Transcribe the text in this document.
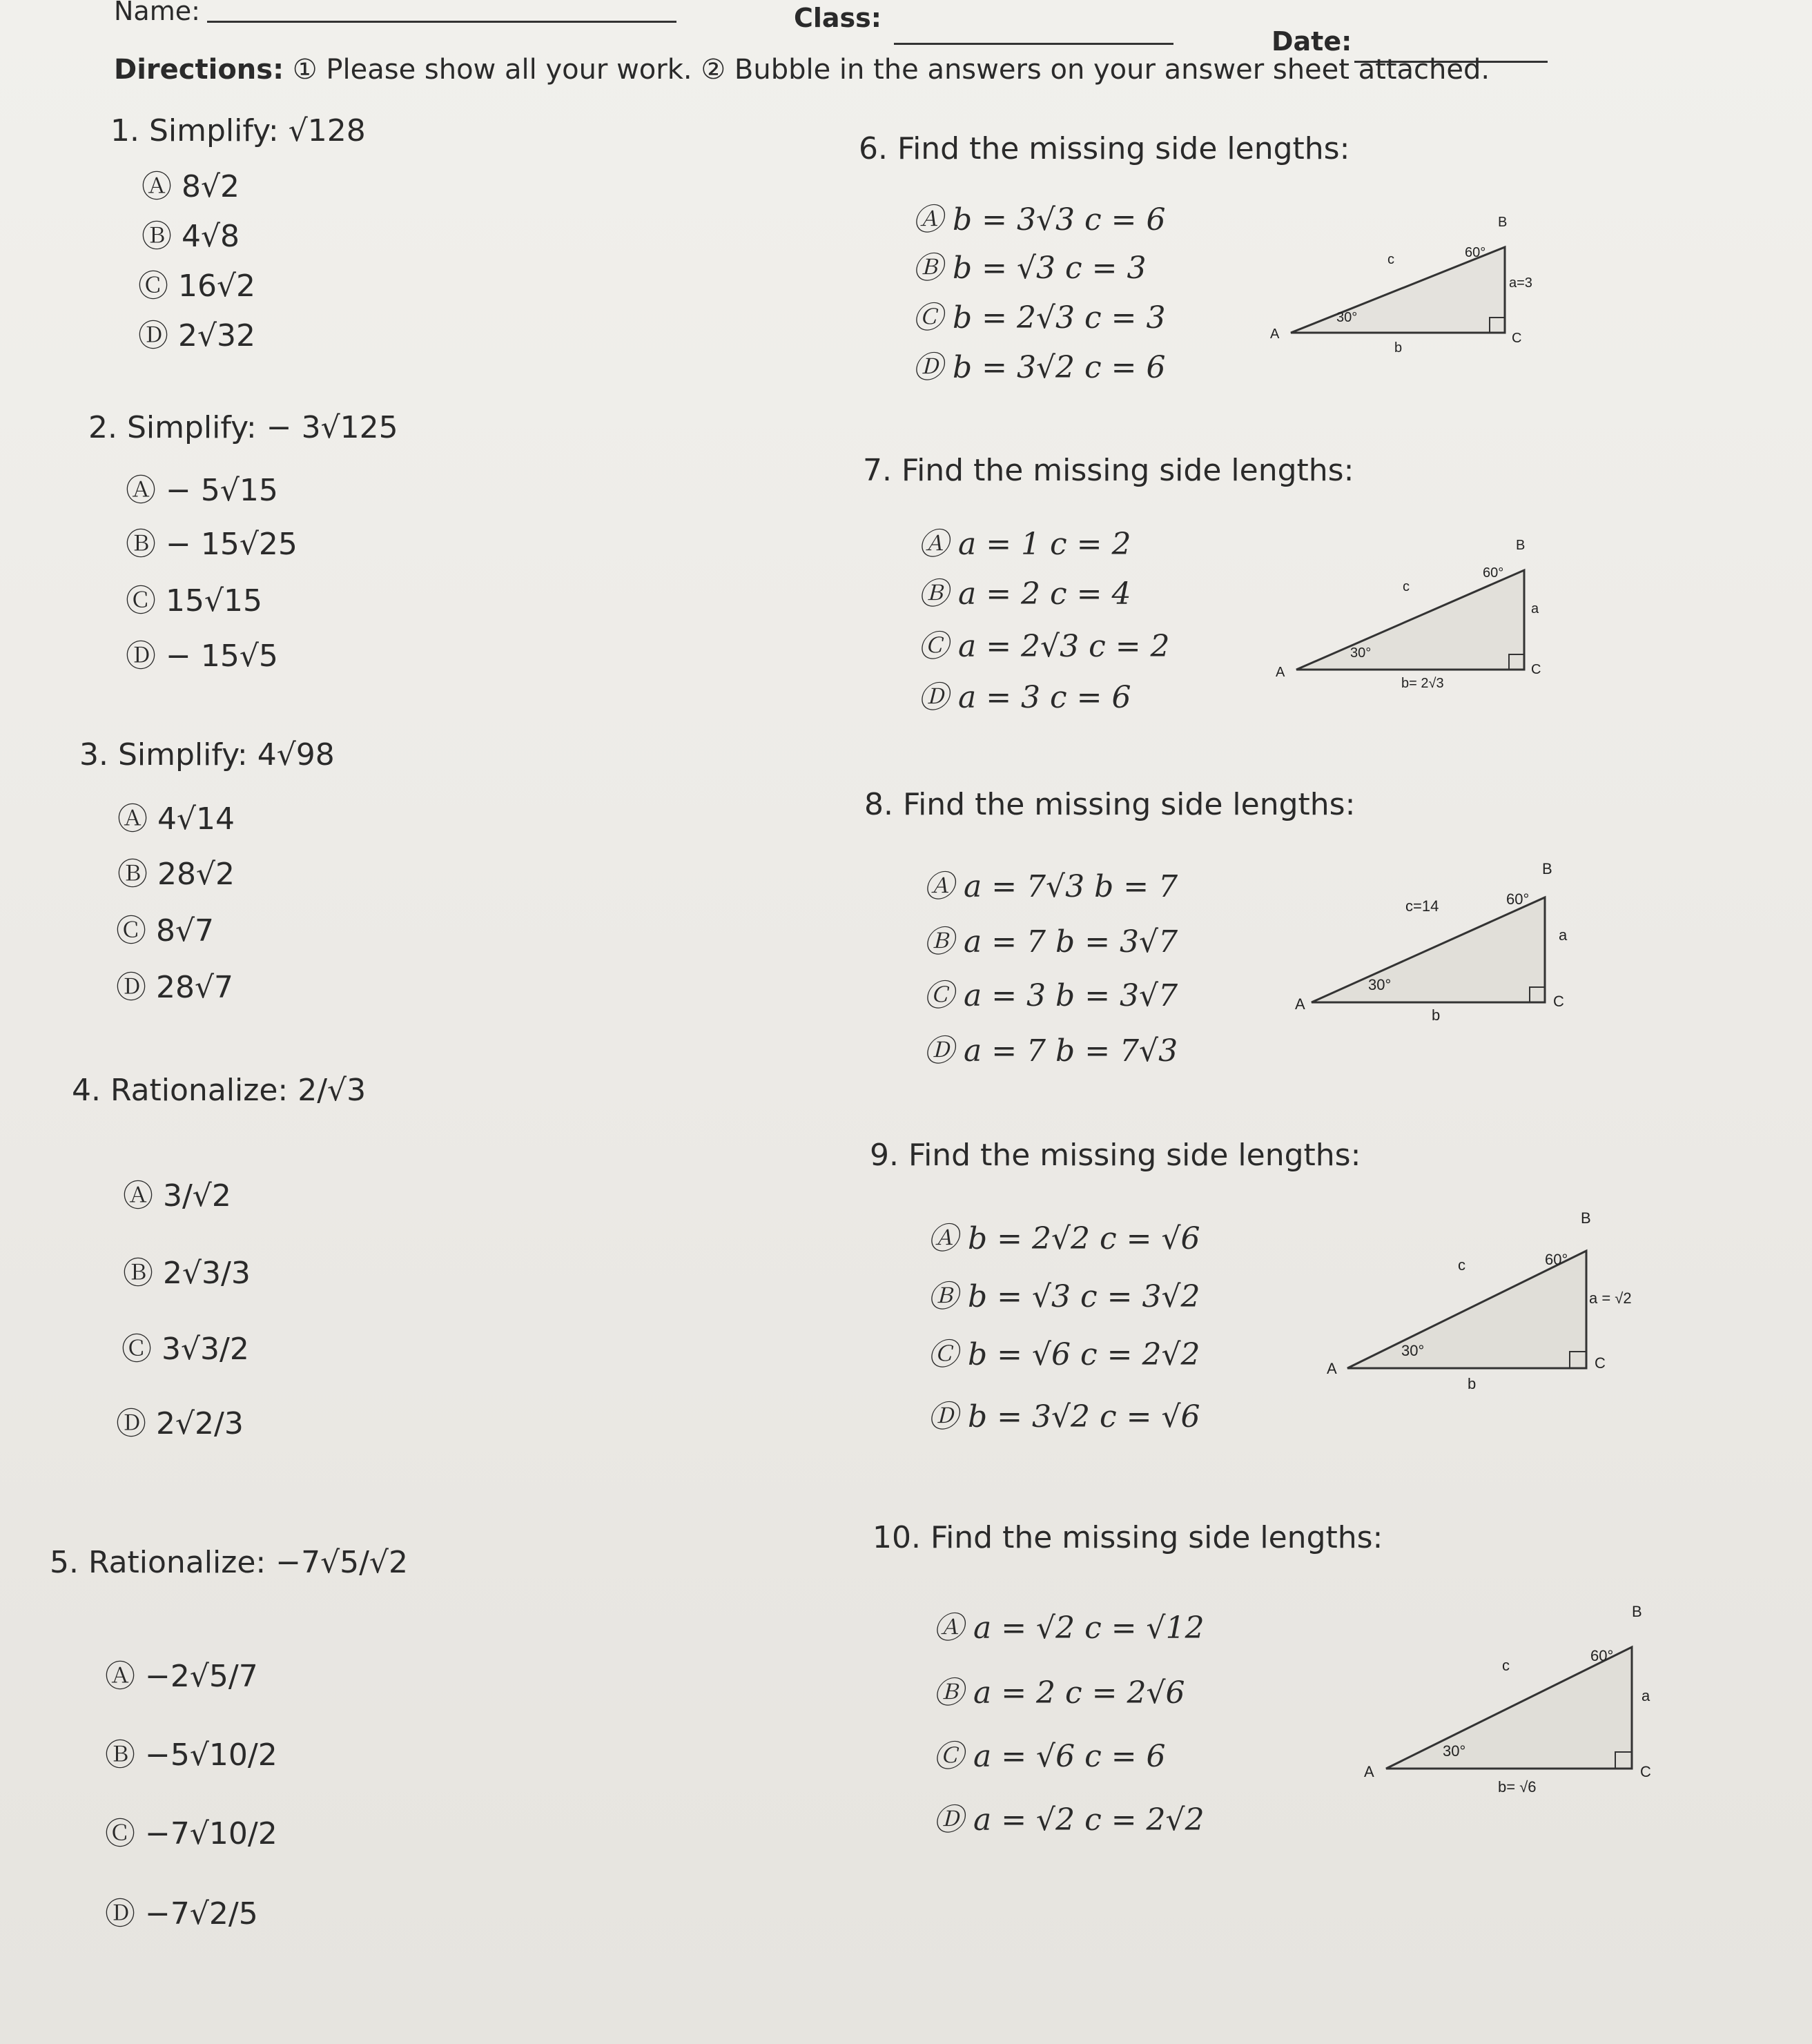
Name:	Class:
Date:
Directions: ① Please show all your work. ② Bubble in the answers on your answer sheet attached.
1. Simplify: √128
Ⓐ 8√2
Ⓑ 4√8
Ⓒ 16√2
Ⓓ 2√32
2. Simplify: − 3√125
Ⓐ − 5√15
Ⓑ − 15√25
Ⓒ 15√15
Ⓓ − 15√5
3. Simplify: 4√98
Ⓐ 4√14
Ⓑ 28√2
Ⓒ 8√7
Ⓓ 28√7
4. Rationalize: 2/√3
Ⓐ 3/√2
Ⓑ 2√3/3
Ⓒ 3√3/2
Ⓓ 2√2/3
5. Rationalize: −7√5/√2
Ⓐ −2√5/7
Ⓑ −5√10/2
Ⓒ −7√10/2
Ⓓ −7√2/5
6. Find the missing side lengths:
Ⓐ b = 3√3 c = 6
Ⓑ b = √3 c = 3
Ⓒ b = 2√3 c = 3
Ⓓ b = 3√2 c = 6
B
A	C
c
a=3
b
60°
30°
7. Find the missing side lengths:
Ⓐ a = 1 c = 2
Ⓑ a = 2 c = 4
Ⓒ a = 2√3 c = 2
Ⓓ a = 3 c = 6
B
A	C
c
a
b= 2√3
60°
30°
8. Find the missing side lengths:
Ⓐ a = 7√3 b = 7
Ⓑ a = 7 b = 3√7
Ⓒ a = 3 b = 3√7
Ⓓ a = 7 b = 7√3
B
A	C
c=14
a
b
60°
30°
9. Find the missing side lengths:
Ⓐ b = 2√2 c = √6
Ⓑ b = √3 c = 3√2
Ⓒ b = √6 c = 2√2
Ⓓ b = 3√2 c = √6
B
A	C
c
a = √2
b
60°
30°
10. Find the missing side lengths:
Ⓐ a = √2 c = √12
Ⓑ a = 2 c = 2√6
Ⓒ a = √6 c = 6
Ⓓ a = √2 c = 2√2
B
A	C
c
a
b= √6
60°
30°
